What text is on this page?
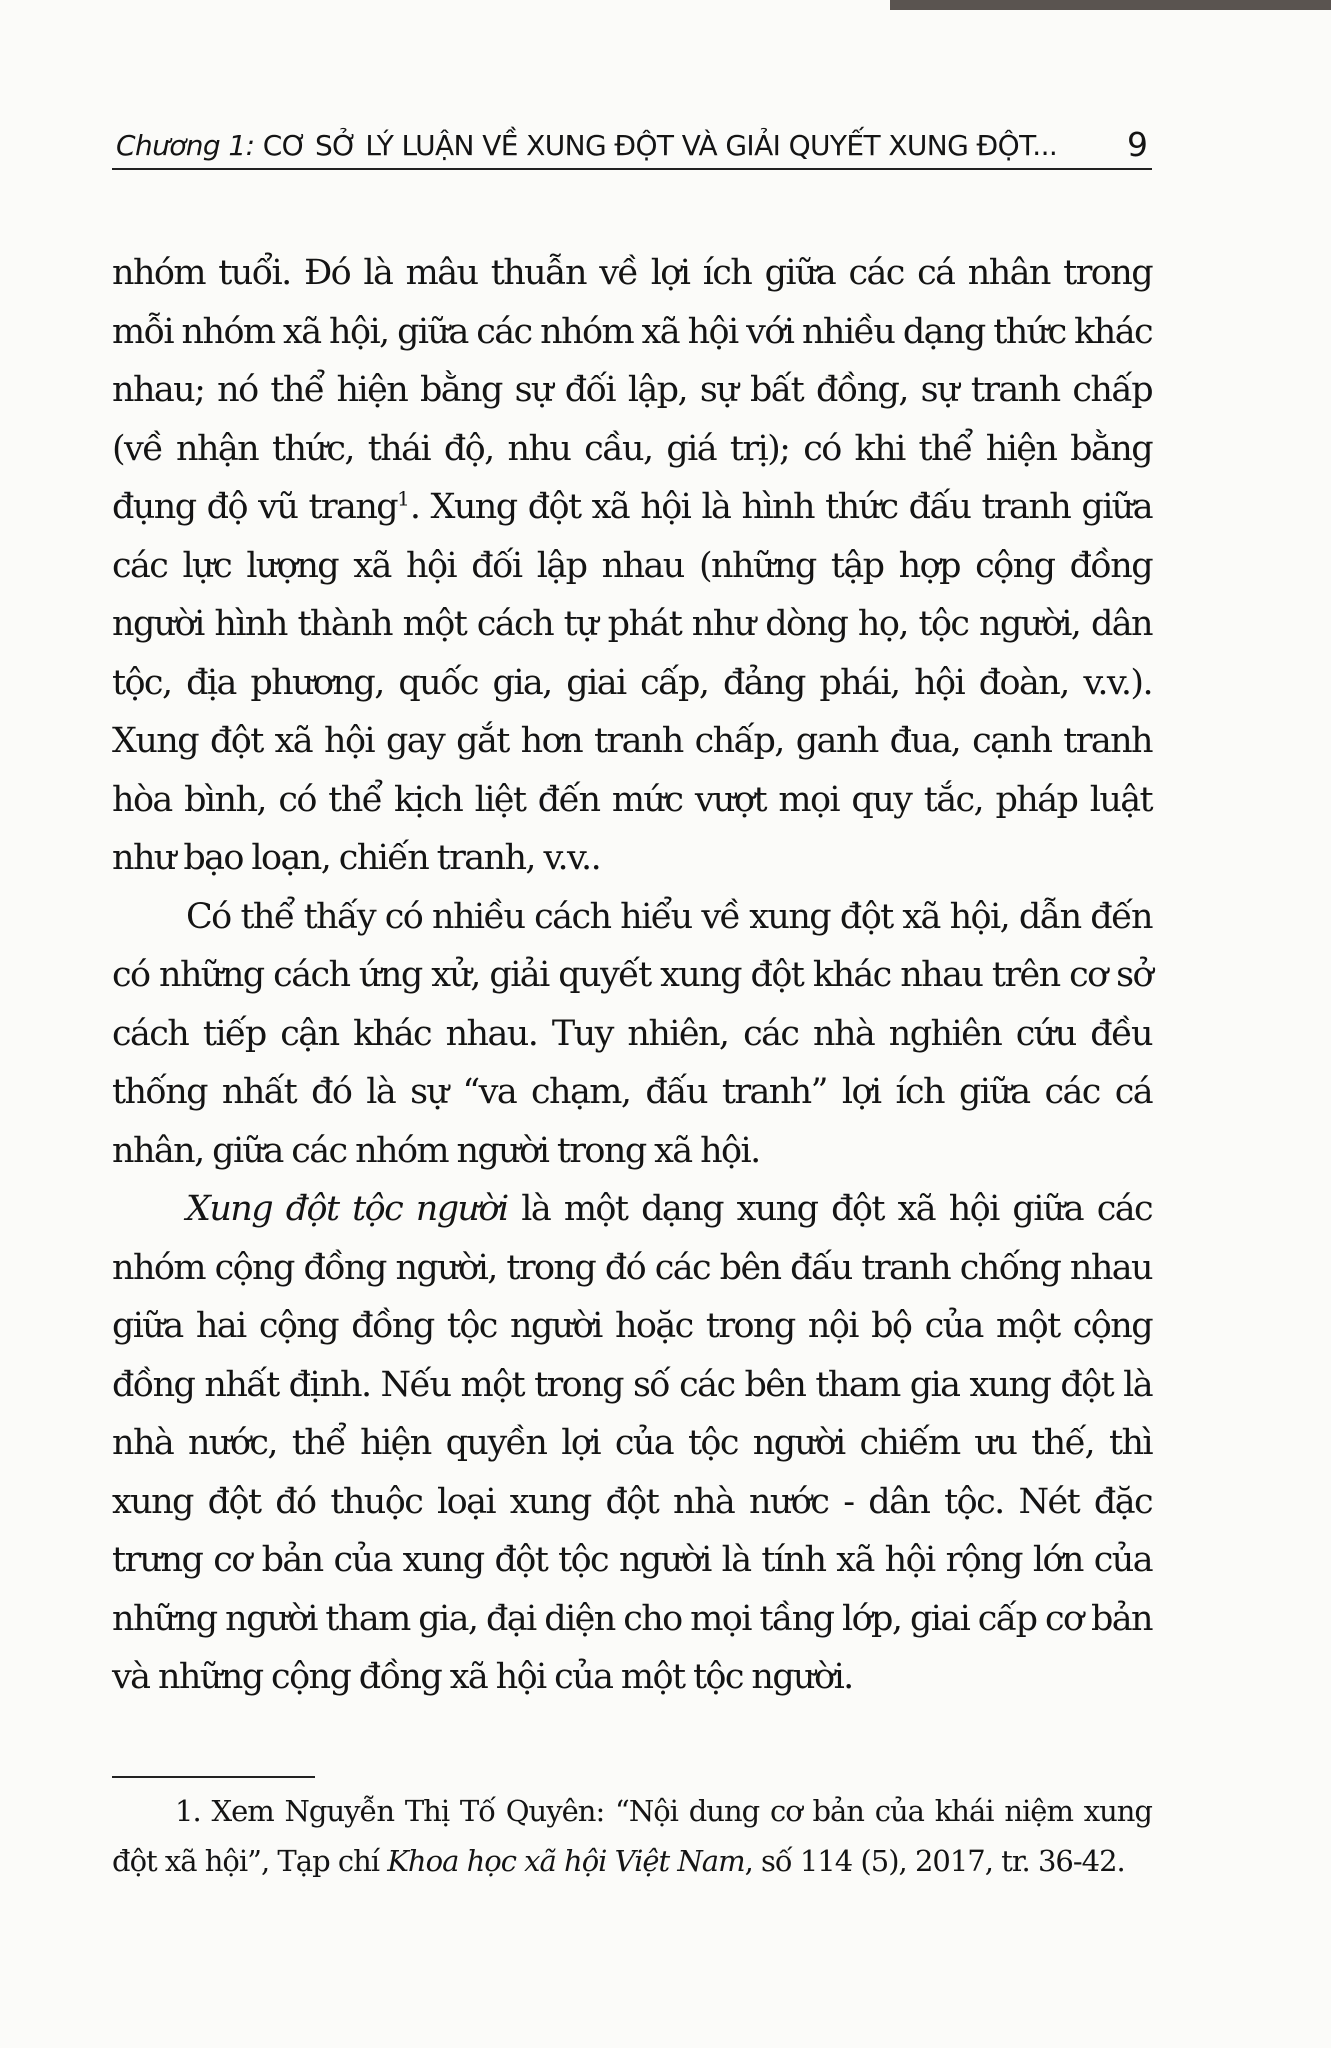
Chương 1: CƠ SỞ LÝ LUẬN VỀ XUNG ĐỘT VÀ GIẢI QUYẾT XUNG ĐỘT... 9

nhóm tuổi. Đó là mâu thuẫn về lợi ích giữa các cá nhân trong mỗi nhóm xã hội, giữa các nhóm xã hội với nhiều dạng thức khác nhau; nó thể hiện bằng sự đối lập, sự bất đồng, sự tranh chấp (về nhận thức, thái độ, nhu cầu, giá trị); có khi thể hiện bằng đụng độ vũ trang$^1$. Xung đột xã hội là hình thức đấu tranh giữa các lực lượng xã hội đối lập nhau (những tập hợp cộng đồng người hình thành một cách tự phát như dòng họ, tộc người, dân tộc, địa phương, quốc gia, giai cấp, đảng phái, hội đoàn, v.v.). Xung đột xã hội gay gắt hơn tranh chấp, ganh đua, cạnh tranh hòa bình, có thể kịch liệt đến mức vượt mọi quy tắc, pháp luật như bạo loạn, chiến tranh, v.v..

Có thể thấy có nhiều cách hiểu về xung đột xã hội, dẫn đến có những cách ứng xử, giải quyết xung đột khác nhau trên cơ sở cách tiếp cận khác nhau. Tuy nhiên, các nhà nghiên cứu đều thống nhất đó là sự “va chạm, đấu tranh” lợi ích giữa các cá nhân, giữa các nhóm người trong xã hội.

Xung đột tộc người là một dạng xung đột xã hội giữa các nhóm cộng đồng người, trong đó các bên đấu tranh chống nhau giữa hai cộng đồng tộc người hoặc trong nội bộ của một cộng đồng nhất định. Nếu một trong số các bên tham gia xung đột là nhà nước, thể hiện quyền lợi của tộc người chiếm ưu thế, thì xung đột đó thuộc loại xung đột nhà nước - dân tộc. Nét đặc trưng cơ bản của xung đột tộc người là tính xã hội rộng lớn của những người tham gia, đại diện cho mọi tầng lớp, giai cấp cơ bản và những cộng đồng xã hội của một tộc người.

1. Xem Nguyễn Thị Tố Quyên: “Nội dung cơ bản của khái niệm xung đột xã hội”, Tạp chí Khoa học xã hội Việt Nam, số 114 (5), 2017, tr. 36-42.
